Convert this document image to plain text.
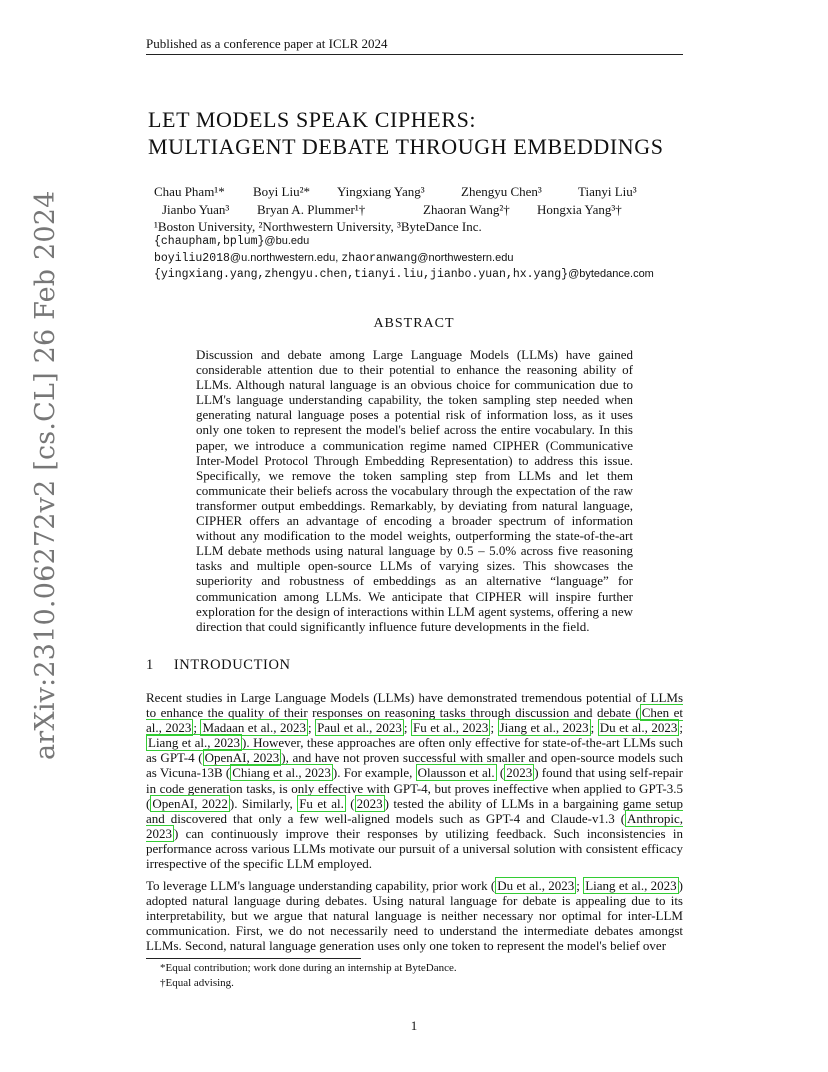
Published as a conference paper at ICLR 2024
arXiv:2310.06272v2 [cs.CL] 26 Feb 2024
LET MODELS SPEAK CIPHERS:
MULTIAGENT DEBATE THROUGH EMBEDDINGS
Chau Pham¹* Boyi Liu²* Yingxiang Yang³	Zhengyu Chen³	Tianyi Liu³
Jianbo Yuan³ Bryan A. Plummer¹†	Zhaoran Wang²† Hongxia Yang³†
¹Boston University, ²Northwestern University, ³ByteDance Inc.
{chaupham,bplum}@bu.edu
boyiliu2018@u.northwestern.edu, zhaoranwang@northwestern.edu
{yingxiang.yang,zhengyu.chen,tianyi.liu,jianbo.yuan,hx.yang}@bytedance.com
ABSTRACT
Discussion and debate among Large Language Models (LLMs) have gained considerable attention due to their potential to enhance the reasoning ability of LLMs. Although natural language is an obvious choice for communication due to LLM's language understanding capability, the token sampling step needed when generating natural language poses a potential risk of information loss, as it uses only one token to represent the model's belief across the entire vocabulary. In this paper, we introduce a communication regime named CIPHER (Communicative Inter-Model Protocol Through Embedding Representation) to address this issue. Specifically, we remove the token sampling step from LLMs and let them communicate their beliefs across the vocabulary through the expectation of the raw transformer output embeddings. Remarkably, by deviating from natural language, CIPHER offers an advantage of encoding a broader spectrum of information without any modification to the model weights, outperforming the state-of-the-art LLM debate methods using natural language by 0.5 – 5.0% across five reasoning tasks and multiple open-source LLMs of varying sizes. This showcases the superiority and robustness of embeddings as an alternative “language” for communication among LLMs. We anticipate that CIPHER will inspire further exploration for the design of interactions within LLM agent systems, offering a new direction that could significantly influence future developments in the field.
1 INTRODUCTION
Recent studies in Large Language Models (LLMs) have demonstrated tremendous potential of LLMs to enhance the quality of their responses on reasoning tasks through discussion and debate ( Chen et al., 2023 ; Madaan et al., 2023 ; Paul et al., 2023 ; Fu et al., 2023 ; Jiang et al., 2023 ; Du et al., 2023 ; Liang et al., 2023 ). However, these approaches are often only effective for state-of-the-art LLMs such as GPT-4 ( OpenAI, 2023 ), and have not proven successful with smaller and open-source models such as Vicuna-13B ( Chiang et al., 2023 ). For example, Olausson et al. ( 2023 ) found that using self-repair in code generation tasks, is only effective with GPT-4, but proves ineffective when applied to GPT-3.5 ( OpenAI, 2022 ). Similarly, Fu et al. ( 2023 ) tested the ability of LLMs in a bargaining game setup and discovered that only a few well-aligned models such as GPT-4 and Claude-v1.3 ( Anthropic, 2023 ) can continuously improve their responses by utilizing feedback. Such inconsistencies in performance across various LLMs motivate our pursuit of a universal solution with consistent efficacy irrespective of the specific LLM employed.
To leverage LLM's language understanding capability, prior work ( Du et al., 2023 ; Liang et al., 2023 ) adopted natural language during debates. Using natural language for debate is appealing due to its interpretability, but we argue that natural language is neither necessary nor optimal for inter-LLM communication. First, we do not necessarily need to understand the intermediate debates amongst LLMs. Second, natural language generation uses only one token to represent the model's belief over
*Equal contribution; work done during an internship at ByteDance.
†Equal advising.
1
